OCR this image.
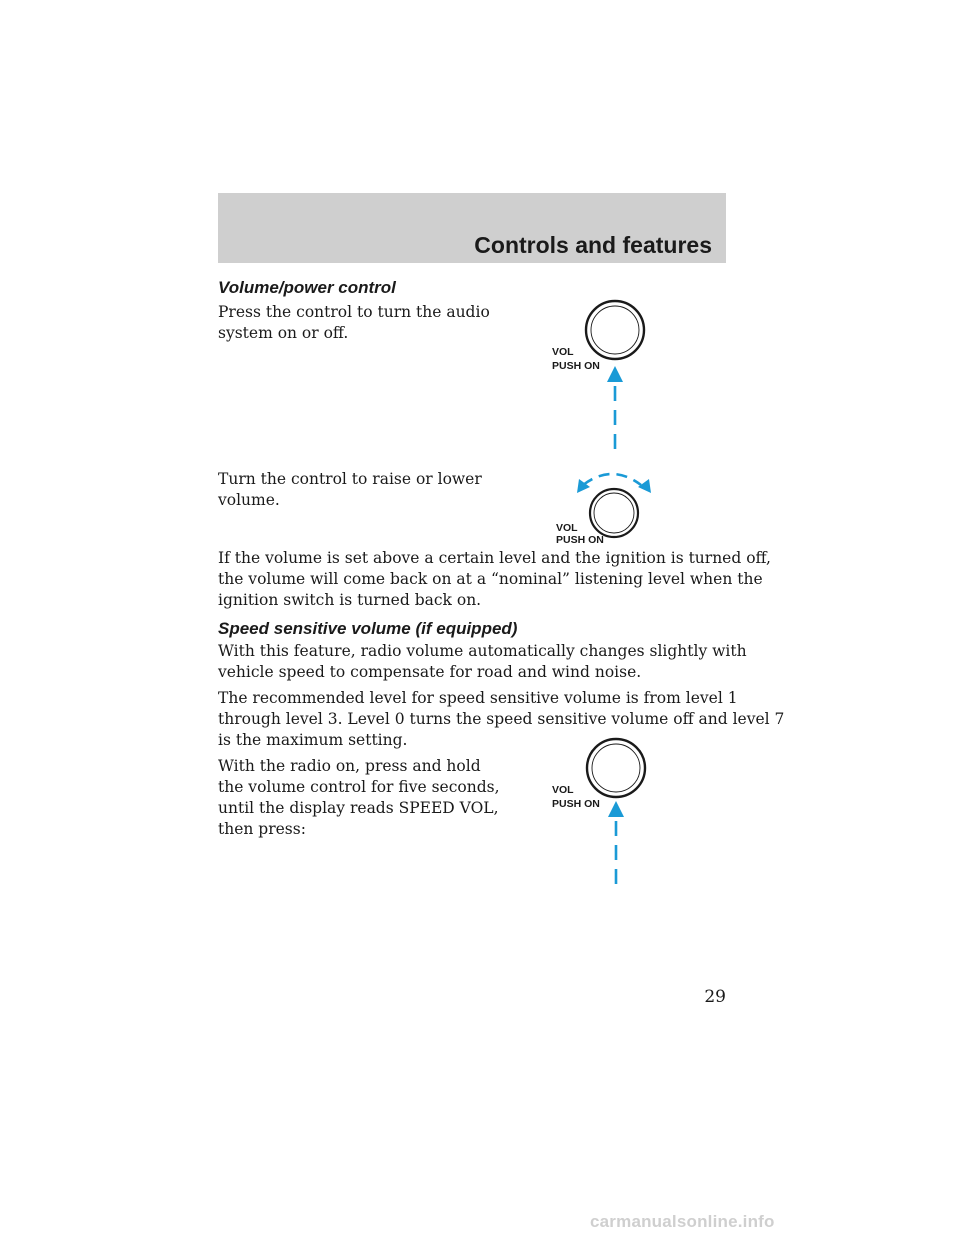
Controls and features
Volume/power control

Press the control to turn the audio
system on or off.

VOL
PUSH ON

Turn the control to raise or lower
volume.

VOL
PUSH ON

If the volume is set above a certain level and the ignition is turned off,
the volume will come back on at a “nominal” listening level when the
ignition switch is turned back on.

Speed sensitive volume (if equipped)

With this feature, radio volume automatically changes slightly with
vehicle speed to compensate for road and wind noise.

The recommended level for speed sensitive volume is from level 1
through level 3. Level 0 turns the speed sensitive volume off and level 7
is the maximum setting.

With the radio on, press and hold
the volume control for five seconds,
until the display reads SPEED VOL,
then press:

VOL
PUSH ON
29
carmanualsonline.info
